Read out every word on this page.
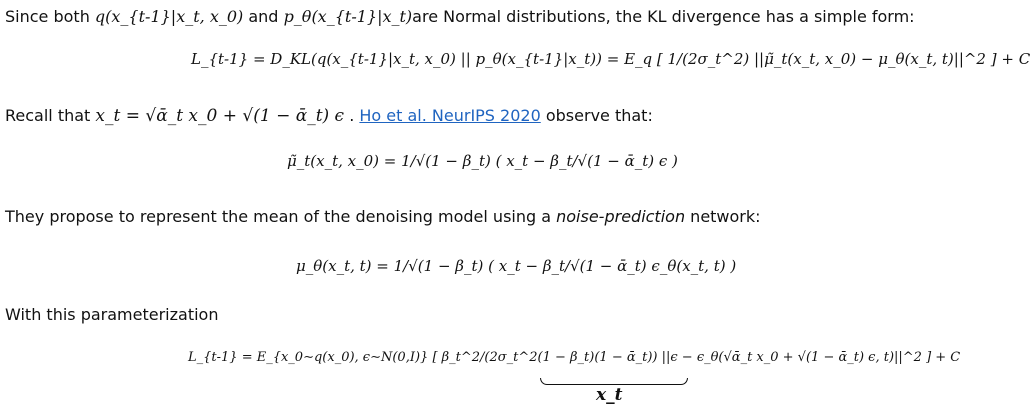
Since both q(x_{t-1}|x_t, x_0) and p_θ(x_{t-1}|x_t)are Normal distributions, the KL divergence has a simple form:
L_{t-1} = D_KL(q(x_{t-1}|x_t, x_0) || p_θ(x_{t-1}|x_t)) = E_q [ 1/(2σ_t^2) ||μ̃_t(x_t, x_0) − μ_θ(x_t, t)||^2 ] + C
Recall that x_t = √ᾱ_t x_0 + √(1 − ᾱ_t) ϵ . Ho et al. NeurIPS 2020 observe that:
μ̃_t(x_t, x_0) = 1/√(1 − β_t) ( x_t − β_t/√(1 − ᾱ_t) ϵ )
They propose to represent the mean of the denoising model using a noise-prediction network:
μ_θ(x_t, t) = 1/√(1 − β_t) ( x_t − β_t/√(1 − ᾱ_t) ϵ_θ(x_t, t) )
With this parameterization
L_{t-1} = E_{x_0∼q(x_0), ϵ∼N(0,I)} [ β_t^2/(2σ_t^2(1 − β_t)(1 − ᾱ_t)) ||ϵ − ϵ_θ(√ᾱ_t x_0 + √(1 − ᾱ_t) ϵ, t)||^2 ] + C
x_t
